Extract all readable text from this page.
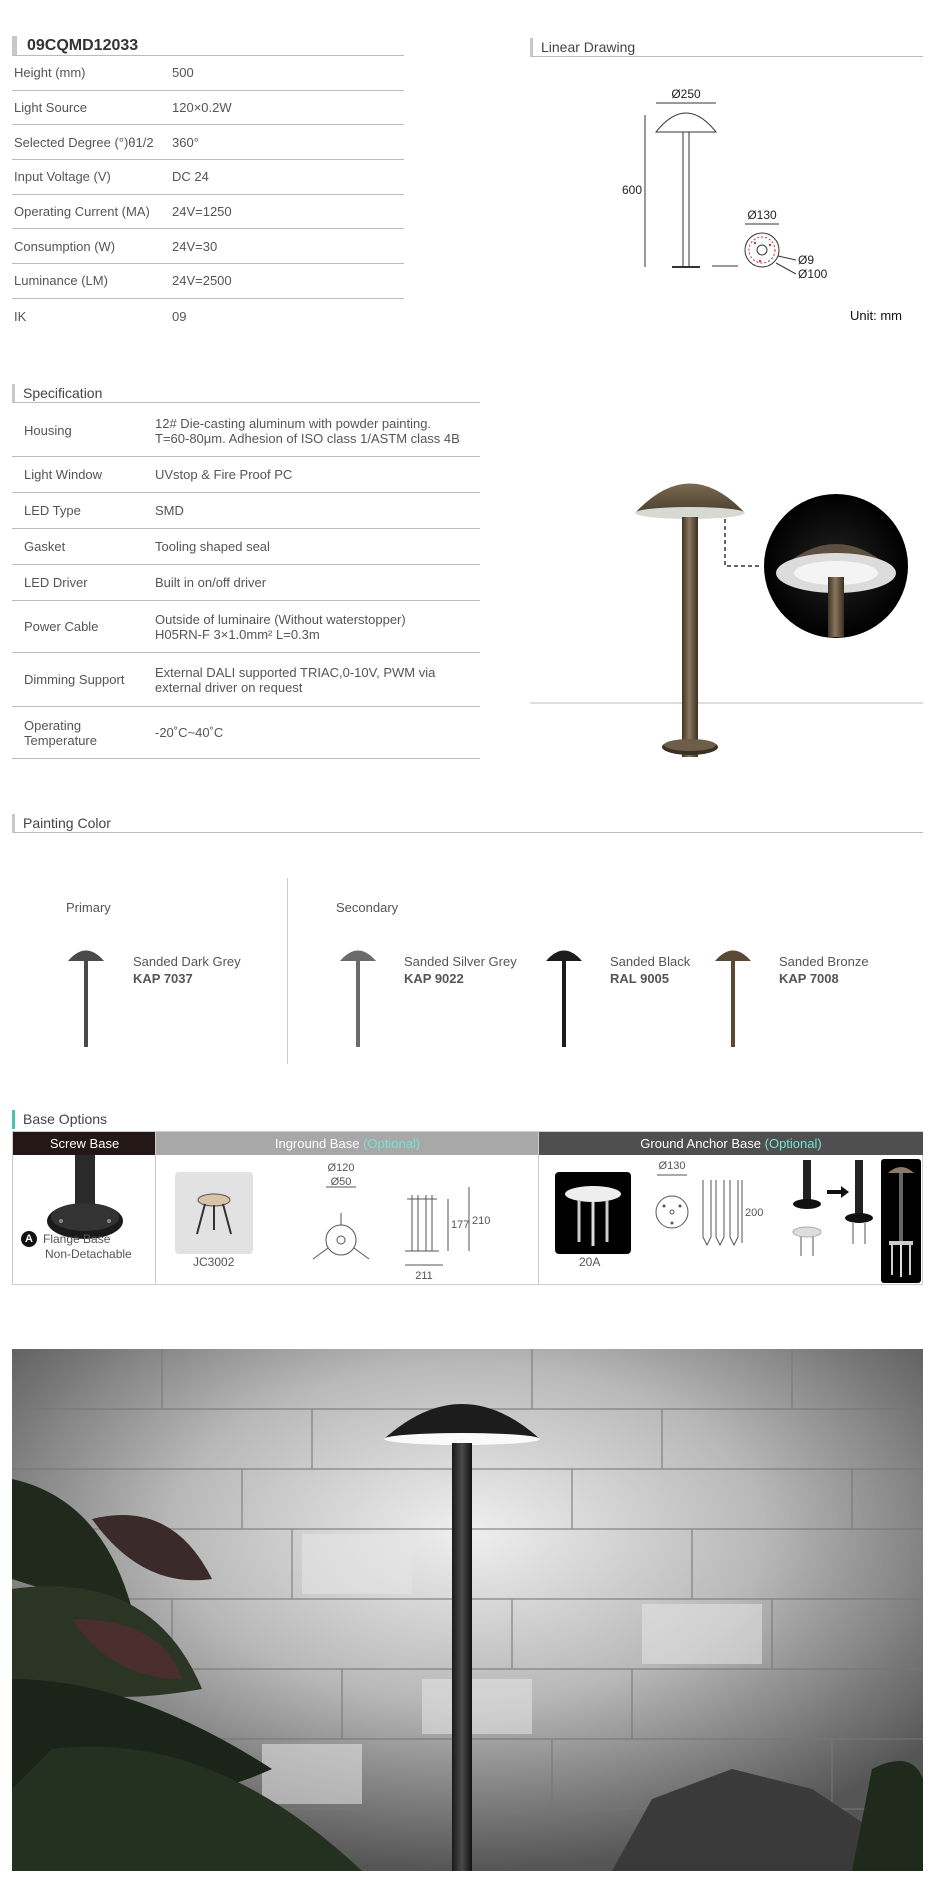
09CQMD12033
Height (mm)	500
Light Source	120×0.2W
Selected Degree (°)θ1/2	360°
Input Voltage (V)	DC 24
Operating Current (MA)	24V=1250
Consumption (W)	24V=30
Luminance (LM)	24V=2500
IK	09
Linear Drawing
Ø250
600
Ø130
Ø9
Ø100
Unit: mm
Specification
Housing	12# Die-casting aluminum with powder painting.
T=60-80μm. Adhesion of ISO class 1/ASTM class 4B
Light Window	UVstop & Fire Proof PC
LED Type	SMD
Gasket	Tooling shaped seal
LED Driver	Built in on/off driver
Power Cable	Outside of luminaire (Without waterstopper)
H05RN-F 3×1.0mm² L=0.3m
Dimming Support	External DALI supported TRIAC,0-10V, PWM via
external driver on request
Operating
Temperature	-20˚C~40˚C
Painting Color
Primary	Secondary
Sanded Dark Grey
KAP 7037
Sanded Silver Grey
KAP 9022
Sanded Black
RAL 9005
Sanded Bronze
KAP 7008
Base Options
Screw Base	Inground Base (Optional)	Ground Anchor Base (Optional)
A Flange Base
Non-Detachable
JC3002
Ø120
Ø50
177 210
211
20A
Ø130
200
